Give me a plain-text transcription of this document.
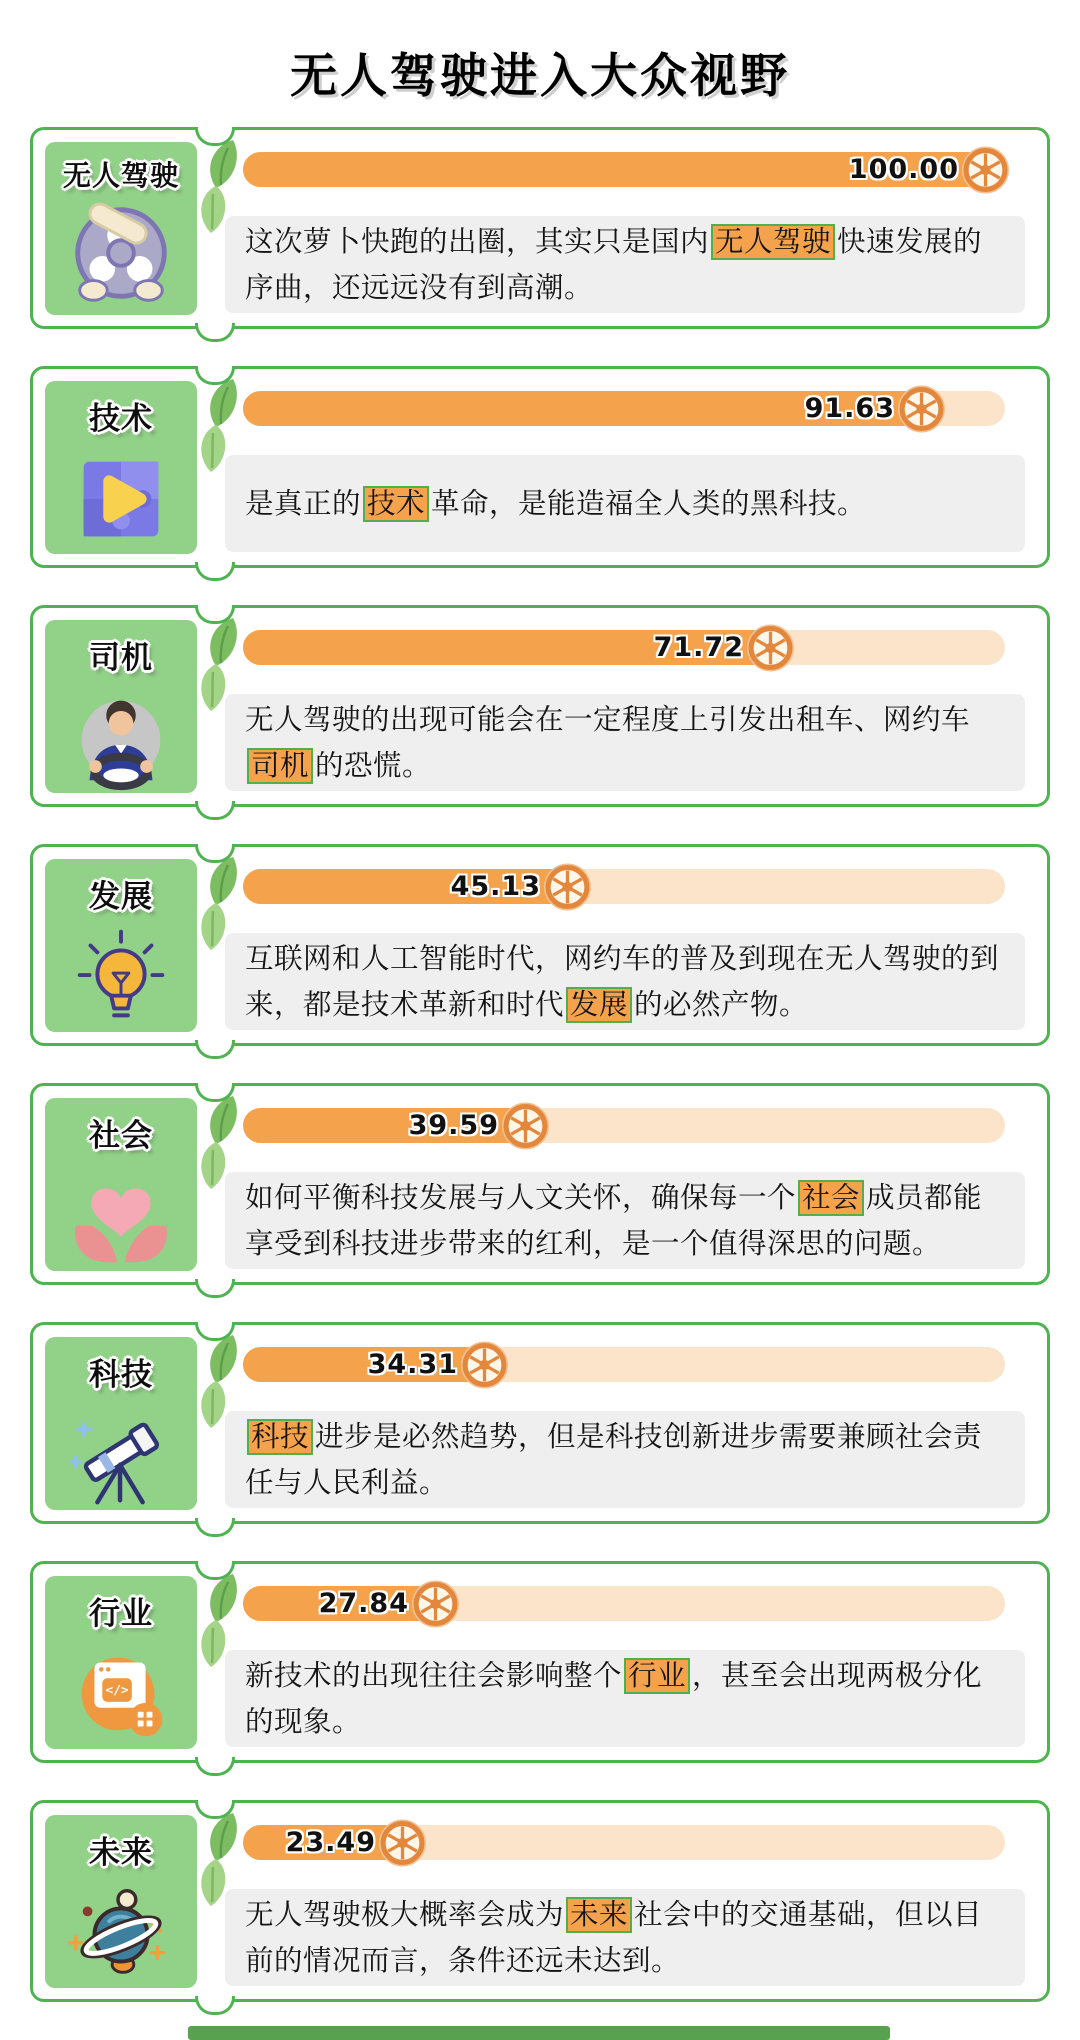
无人驾驶进入大众视野
无人驾驶	100.00

这次萝卜快跑的出圈，其实只是国内 无人驾驶 快速发展的序曲，还远远没有到高潮。

技术	91.63

是真正的 技术 革命，是能造福全人类的黑科技。

司机	71.72

无人驾驶的出现可能会在一定程度上引发出租车、网约车司机 的恐慌。

发展	45.13

互联网和人工智能时代，网约车的普及到现在无人驾驶的到来，都是技术革新和时代 发展 的必然产物。

社会	39.59

如何平衡科技发展与人文关怀，确保每一个 社会 成员都能享受到科技进步带来的红利，是一个值得深思的问题。

科技	34.31

科技 进步是必然趋势，但是科技创新进步需要兼顾社会责任与人民利益。

行业	27.84

新技术的出现往往会影响整个 行业 ，甚至会出现两极分化的现象。

未来	23.49

无人驾驶极大概率会成为 未来 社会中的交通基础，但以目前的情况而言，条件还远未达到。
